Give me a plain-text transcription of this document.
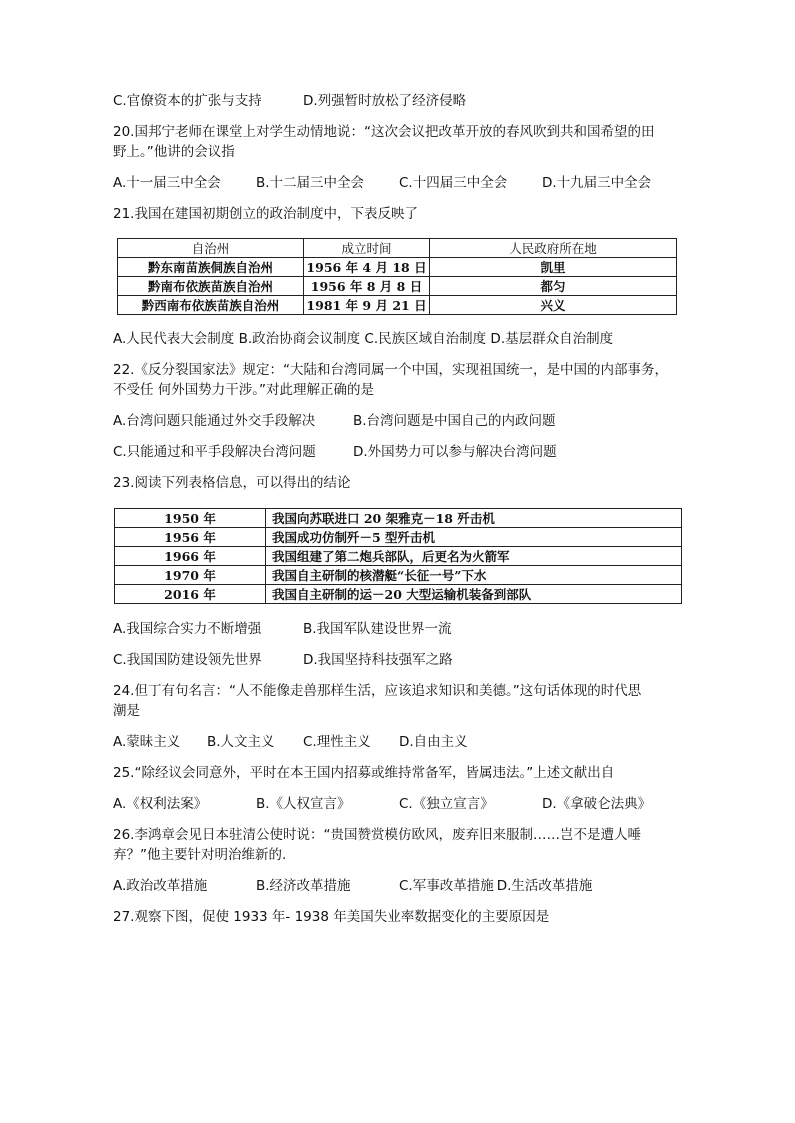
C.官僚资本的扩张与支持	D.列强暂时放松了经济侵略
20.国邦宁老师在课堂上对学生动情地说：“这次会议把改革开放的春风吹到共和国希望的田
野上。”他讲的会议指
A.十一届三中全会	B.十二届三中全会	C.十四届三中全会	D.十九届三中全会
21.我国在建国初期创立的政治制度中，下表反映了
自治州	成立时间	人民政府所在地
黔东南苗族侗族自治州	1956 年 4 月 18 日	凯里
黔南布依族苗族自治州	1956 年 8 月 8 日	都匀
黔西南布依族苗族自治州	1981 年 9 月 21 日	兴义
A.人民代表大会制度 B.政治协商会议制度 C.民族区域自治制度 D.基层群众自治制度
22.《反分裂国家法》规定：“大陆和台湾同属一个中国，实现祖国统一，是中国的内部事务，
不受任 何外国势力干涉。”对此理解正确的是
A.台湾问题只能通过外交手段解决	B.台湾问题是中国自己的内政问题
C.只能通过和平手段解决台湾问题	D.外国势力可以参与解决台湾问题
23.阅读下列表格信息，可以得出的结论
1950 年	我国向苏联进口 20 架雅克－18 歼击机
1956 年	我国成功仿制歼－5 型歼击机
1966 年	我国组建了第二炮兵部队，后更名为火箭军
1970 年	我国自主研制的核潜艇“长征一号”下水
2016 年	我国自主研制的运－20 大型运输机装备到部队
A.我国综合实力不断增强	B.我国军队建设世界一流
C.我国国防建设领先世界	D.我国坚持科技强军之路
24.但丁有句名言：“人不能像走兽那样生活，应该追求知识和美德。”这句话体现的时代思
潮是
A.蒙昧主义 B.人文主义 C.理性主义 D.自由主义
25.“除经议会同意外，平时在本王国内招募或维持常备军，皆属违法。”上述文献出自
A.《权利法案》	B.《人权宣言》	C.《独立宣言》	D.《拿破仑法典》
26.李鸿章会见日本驻清公使时说：“贵国赞赏模仿欧风，废弃旧来服制……岂不是遭人唾
弃？”他主要针对明治维新的.
A.政治改革措施	B.经济改革措施	C.军事改革措施 D.生活改革措施
27.观察下图，促使 1933 年- 1938 年美国失业率数据变化的主要原因是
